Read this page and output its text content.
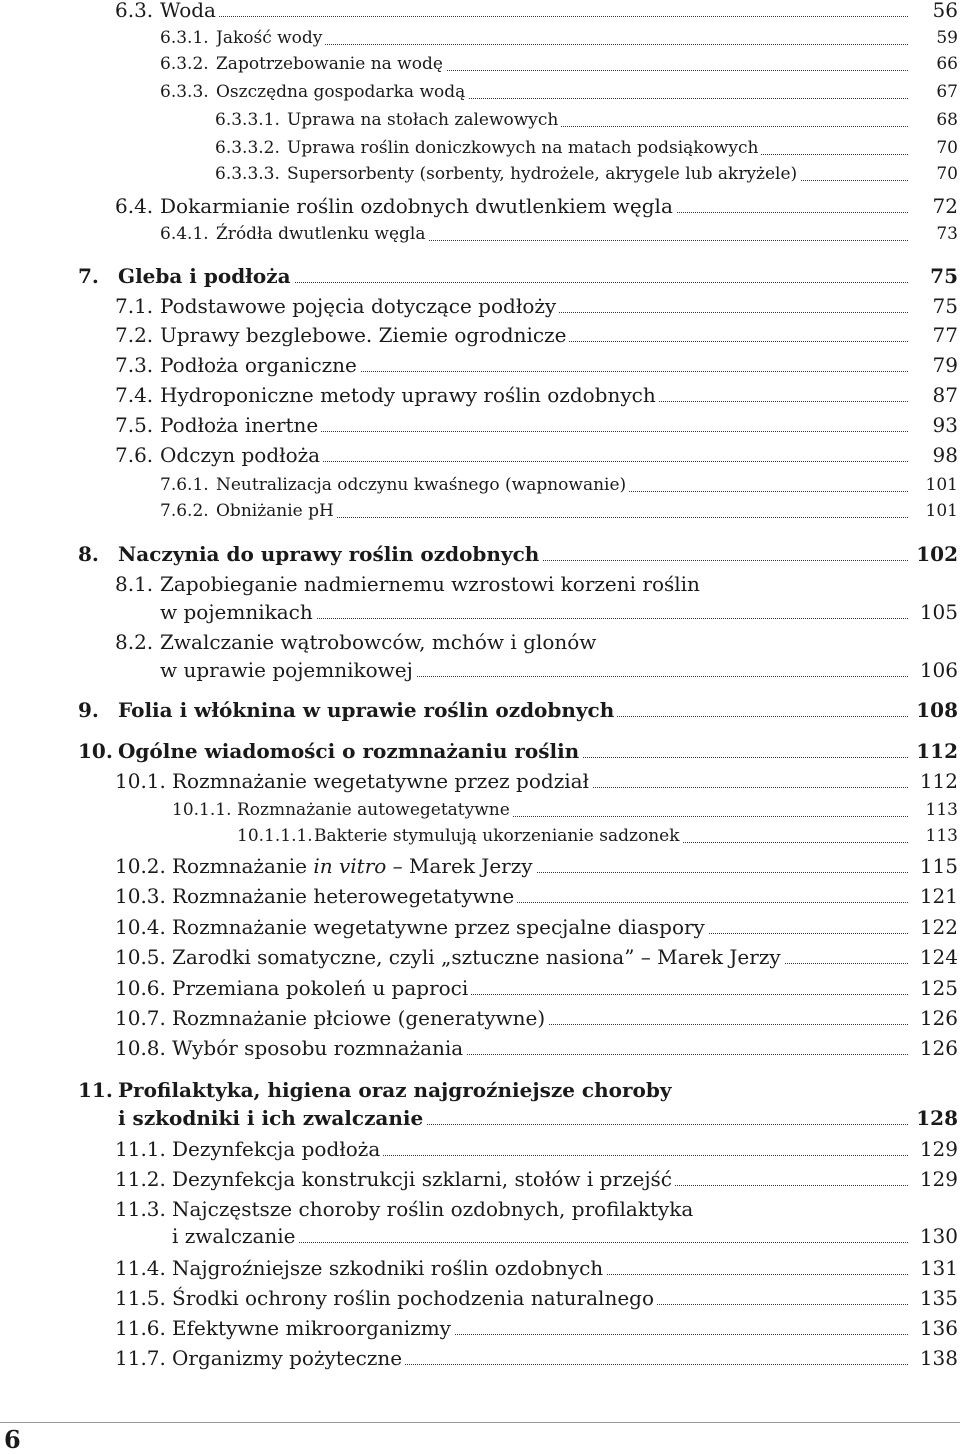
6.3. Woda	56
6.3.1. Jakość wody	59
6.3.2. Zapotrzebowanie na wodę	66
6.3.3. Oszczędna gospodarka wodą	67
6.3.3.1. Uprawa na stołach zalewowych	68
6.3.3.2. Uprawa roślin doniczkowych na matach podsiąkowych	70
6.3.3.3. Supersorbenty (sorbenty, hydrożele, akrygele lub akryżele)	70
6.4. Dokarmianie roślin ozdobnych dwutlenkiem węgla	72
6.4.1. Źródła dwutlenku węgla	73
7. Gleba i podłoża	75
7.1. Podstawowe pojęcia dotyczące podłoży	75
7.2. Uprawy bezglebowe. Ziemie ogrodnicze	77
7.3. Podłoża organiczne	79
7.4. Hydroponiczne metody uprawy roślin ozdobnych	87
7.5. Podłoża inertne	93
7.6. Odczyn podłoża	98
7.6.1. Neutralizacja odczynu kwaśnego (wapnowanie)	101
7.6.2. Obniżanie pH	101
8. Naczynia do uprawy roślin ozdobnych	102
8.1. Zapobieganie nadmiernemu wzrostowi korzeni roślin
w pojemnikach	105
8.2. Zwalczanie wątrobowców, mchów i glonów
w uprawie pojemnikowej	106
9. Folia i włóknina w uprawie roślin ozdobnych	108
10. Ogólne wiadomości o rozmnażaniu roślin	112
10.1. Rozmnażanie wegetatywne przez podział	112
10.1.1. Rozmnażanie autowegetatywne	113
10.1.1.1. Bakterie stymulują ukorzenianie sadzonek	113
10.2. Rozmnażanie in vitro – Marek Jerzy	115
10.3. Rozmnażanie heterowegetatywne	121
10.4. Rozmnażanie wegetatywne przez specjalne diaspory	122
10.5. Zarodki somatyczne, czyli „sztuczne nasiona” – Marek Jerzy	124
10.6. Przemiana pokoleń u paproci	125
10.7. Rozmnażanie płciowe (generatywne)	126
10.8. Wybór sposobu rozmnażania	126
11. Profilaktyka, higiena oraz najgroźniejsze choroby
i szkodniki i ich zwalczanie	128
11.1. Dezynfekcja podłoża	129
11.2. Dezynfekcja konstrukcji szklarni, stołów i przejść	129
11.3. Najczęstsze choroby roślin ozdobnych, profilaktyka
i zwalczanie	130
11.4. Najgroźniejsze szkodniki roślin ozdobnych	131
11.5. Środki ochrony roślin pochodzenia naturalnego	135
11.6. Efektywne mikroorganizmy	136
11.7. Organizmy pożyteczne	138
6
